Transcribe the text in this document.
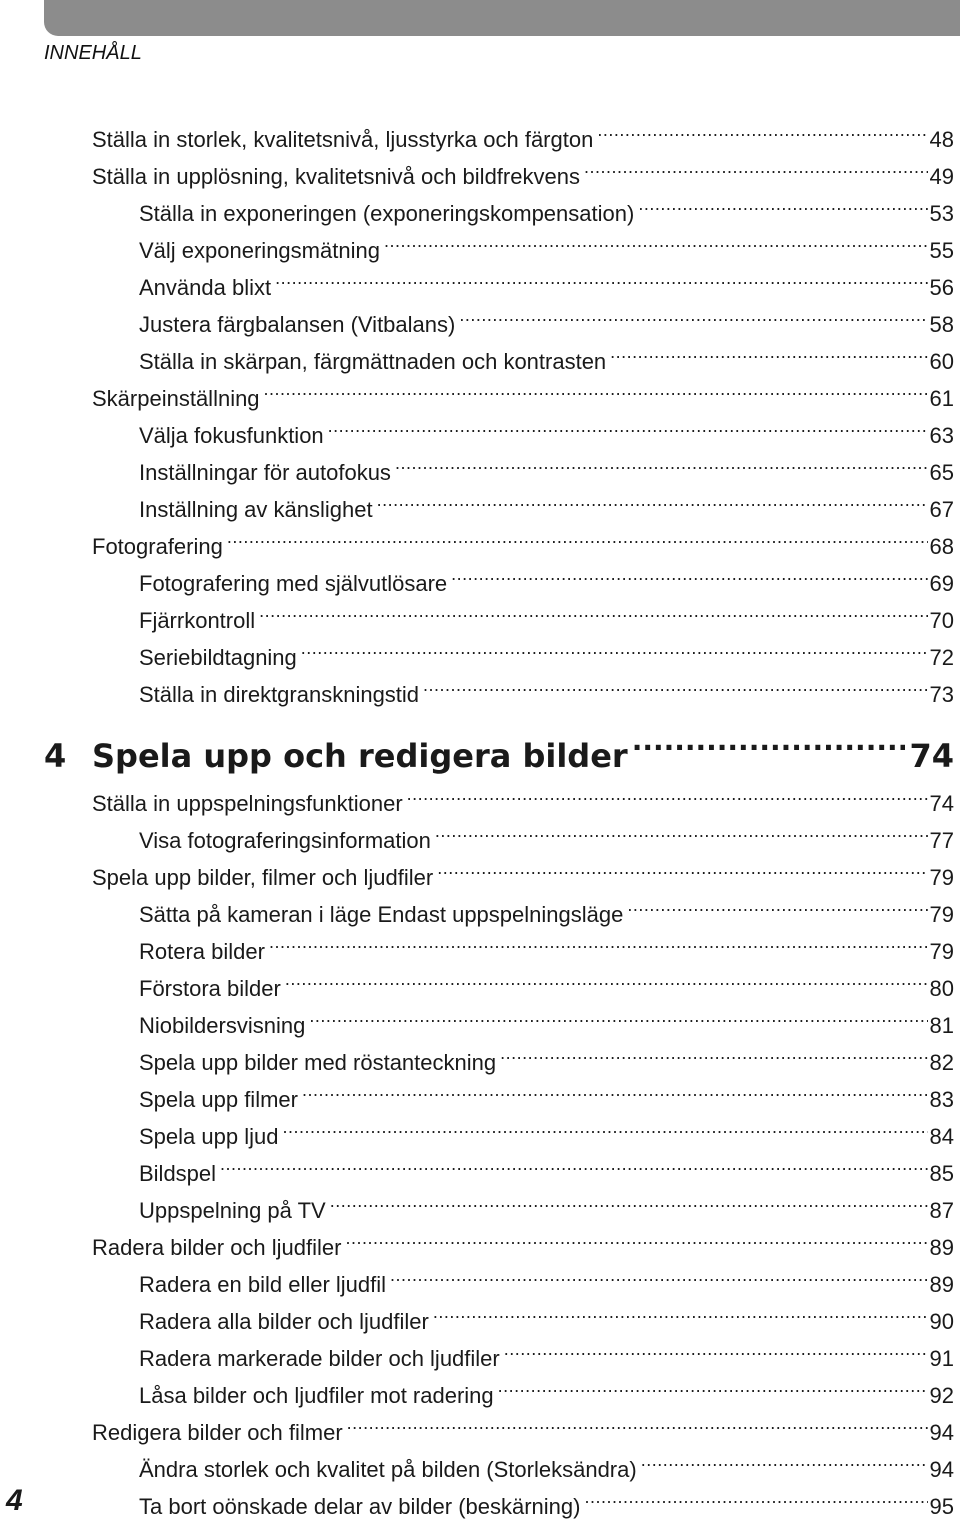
INNEHÅLL
Ställa in storlek, kvalitetsnivå, ljusstyrka och färgton .....	48
Ställa in upplösning, kvalitetsnivå och bildfrekvens .....	49
Ställa in exponeringen (exponeringskompensation) .....	53
Välj exponeringsmätning .....	55
Använda blixt .....	56
Justera färgbalansen (Vitbalans) .....	58
Ställa in skärpan, färgmättnaden och kontrasten .....	60
Skärpeinställning .....	61
Välja fokusfunktion .....	63
Inställningar för autofokus .....	65
Inställning av känslighet .....	67
Fotografering .....	68
Fotografering med självutlösare .....	69
Fjärrkontroll .....	70
Seriebildtagning .....	72
Ställa in direktgranskningstid .....	73
4 Spela upp och redigera bilder .....	74
Ställa in uppspelningsfunktioner .....	74
Visa fotograferingsinformation .....	77
Spela upp bilder, filmer och ljudfiler .....	79
Sätta på kameran i läge Endast uppspelningsläge .....	79
Rotera bilder .....	79
Förstora bilder .....	80
Niobildersvisning .....	81
Spela upp bilder med röstanteckning .....	82
Spela upp filmer .....	83
Spela upp ljud .....	84
Bildspel .....	85
Uppspelning på TV .....	87
Radera bilder och ljudfiler .....	89
Radera en bild eller ljudfil .....	89
Radera alla bilder och ljudfiler .....	90
Radera markerade bilder och ljudfiler .....	91
Låsa bilder och ljudfiler mot radering .....	92
Redigera bilder och filmer .....	94
Ändra storlek och kvalitet på bilden (Storleksändra) .....	94
Ta bort oönskade delar av bilder (beskärning) .....	95
4
